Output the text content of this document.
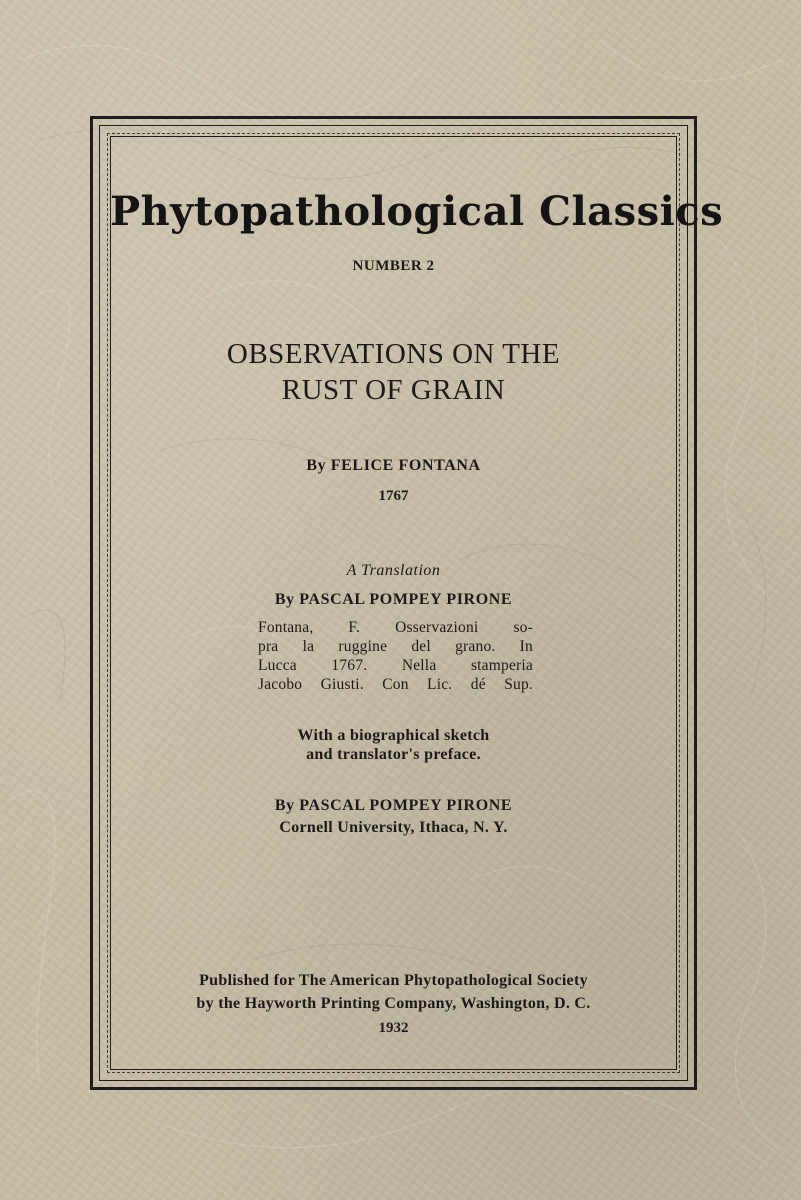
Phytopathological Classics
NUMBER 2
OBSERVATIONS ON THE
RUST OF GRAIN
By FELICE FONTANA
1767
A Translation
By PASCAL POMPEY PIRONE
Fontana, F. Osservazioni so-
pra la ruggine del grano. In
Lucca 1767. Nella stamperia
Jacobo Giusti. Con Lic. dé Sup.
With a biographical sketch
and translator's preface.
By PASCAL POMPEY PIRONE
Cornell University, Ithaca, N. Y.
Published for The American Phytopathological Society
by the Hayworth Printing Company, Washington, D. C.
1932
